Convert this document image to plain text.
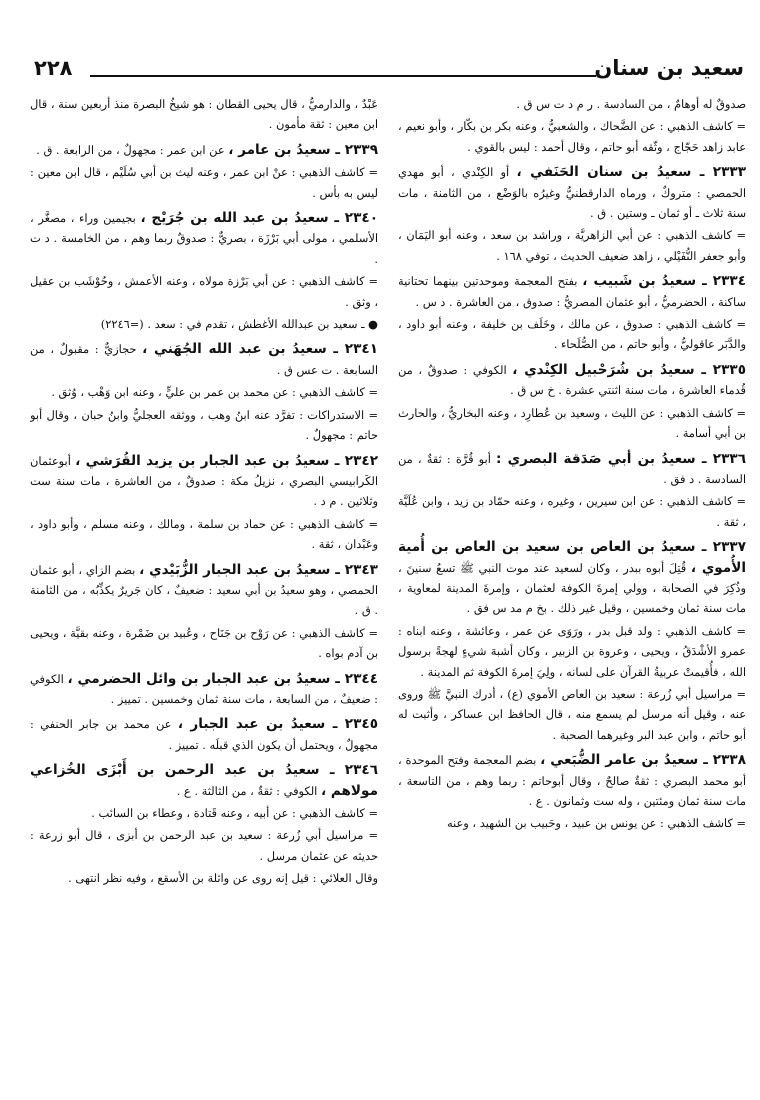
سعيد بن سنان
٢٢٨

صدوقٌ له أوهامٌ ، من السادسة . ر م د ت س ق .

= كاشف الذهبي : عن الضَّحاك ، والشعبيُّ ، وعنه بكر بن بكّار ، وأبو نعيم ، عابد زاهد حَجّاج ، وثّقه أبو حاتم ، وقال أحمد : ليس بالقوي .

٢٣٣٣ ـ سعيدُ بن سنان الحَنَفي ، أو الكِنْدي ، أبو مهدي الحمصي : متروكٌ ، ورماه الدارقطنيُّ وغيرُه بالوَضْع ، من الثامنة ، مات سنة ثلاث ـ أو ثمان ـ وستين . ق .

= كاشف الذهبي : عن أبي الزاهريَّة ، وراشد بن سعد ، وعنه أبو اليَمَان ، وأبو جعفر النُّفَيْلي ، زاهد ضعيف الحديث ، توفي ١٦٨ .

٢٣٣٤ ـ سعيدُ بن شَبيب ، بفتح المعجمة وموحدتين بينهما تحتانية ساكنة ، الحضرميُّ ، أبو عثمان المصريُّ : صدوق ، من العاشرة . د س .

= كاشف الذهبي : صدوق ، عن مالك ، وخَلَف بن خليفة ، وعنه أبو داود ، والدَّبَر عاقوليُّ ، وأبو حاتم ، من الصُّلَحاء .

٢٣٣٥ ـ سعيدُ بن شُرَحْبيل الكِنْدي ، الكوفي : صدوقٌ ، من قُدماء العاشرة ، مات سنة اثنتي عشرة . خ س ق .

= كاشف الذهبي : عن الليث ، وسعيد بن عُطارِد ، وعنه البخاريُّ ، والحارث بن أبي أسامة .

٢٣٣٦ ـ سعيدُ بن أبي صَدَقة البصري : أبو قُرَّة : ثقةٌ ، من السادسة . د فق .

= كاشف الذهبي : عن ابن سيرين ، وغيره ، وعنه حمّاد بن زيد ، وابن عُلَيَّة ، ثقة .

٢٣٣٧ ـ سعيدُ بن العاص بن سعيد بن العاص بن أُمية الأُموي ، قُتِلَ أبوه ببدر ، وكان لسعيد عند موت النبي ﷺ تسعُ سنينَ ، وذُكِرَ في الصحابة ، وولي إمرةَ الكوفة لعثمان ، وإمرةَ المدينة لمعاوية ، مات سنة ثمان وخمسين ، وقيل غير ذلك . بخ م مد س فق .

= كاشف الذهبي : ولد قبل بدر ، ورَوَى عن عمر ، وعائشة ، وعنه ابناه : عمرو الأشْدَقُ ، ويحيى ، وعروة بن الزبير ، وكان أشبهَ شيءٍ لهجةً برسول الله ، فأُقيمتْ عربيةُ القرآن على لسانه ، ولِيَ إمرةَ الكوفة ثم المدينة .

= مراسيل أبي زُرعة : سعيد بن العاص الأموي (ع) ، أدرك النبيَّ ﷺ وروى عنه ، وقيل أنه مرسل لم يسمع منه ، قال الحافظ ابن عساكر ، وأثبت له أبو حاتم ، وابن عبد البر وغيرهما الصحبة .

٢٣٣٨ ـ سعيدُ بن عامر الضُّبَعي ، بضم المعجمة وفتح الموحدة ، أبو محمد البصري : ثقةٌ صالحٌ ، وقال أبوحاتم : ربما وهم ، من التاسعة ، مات سنة ثمان ومئتين ، وله ست وثمانون . ع .

= كاشف الذهبي : عن يونس بن عبيد ، وحَبيب بن الشهيد ، وعنه

عَبْدٌ ، والدارميُّ ، قال يحيى القطان : هو شيخُ البصرة منذ أربعين سنة ، قال ابن معين : ثقة مأمون .

٢٣٣٩ ـ سعيدُ بن عامر ، عن ابن عمر : مجهولٌ ، من الرابعة . ق .

= كاشف الذهبي : عنْ ابن عمر ، وعنه ليث بن أبي سُلَيْم ، قال ابن معين : ليس به بأس .

٢٣٤٠ ـ سعيدُ بن عبد الله بن جُرَيْج ، بجيمين وراء ، مصغَّر ، الأسلمي ، مولى أبي بَرْزَة ، بصريٌّ : صدوقٌ ربما وهم ، من الخامسة . د ت .

= كاشف الذهبي : عن أبي بَرْزة مولاه ، وعنه الأعمش ، وحُوْشَب بن عقيل ، وثق .

● ـ سعيد بن عبدالله الأغطش ، تقدم في : سعد . (=٢٢٤٦)

٢٣٤١ ـ سعيدُ بن عبد الله الجُهَني ، حجازيٌّ : مقبولٌ ، من السابعة . ت عس ق .

= كاشف الذهبي : عن محمد بن عمر بن عليٍّ ، وعنه ابن وَهْب ، وُثق .

= الاستدراكات : تفرَّد عنه ابنُ وهب ، ووثقه العجليُّ وابنُ حبان ، وقال أبو حاتم : مجهولٌ .

٢٣٤٢ ـ سعيدُ بن عبد الجبار بن يزيد القُرَشي ، أبوعثمان الكَرابيسي البصري ، نزيلُ مكة : صدوقٌ ، من العاشرة ، مات سنة ست وثلاثين . م د .

= كاشف الذهبي : عن حماد بن سلمة ، ومالك ، وعنه مسلم ، وأبو داود ، وعَبْدان ، ثقة .

٢٣٤٣ ـ سعيدُ بن عبد الجبار الزُّبَيْدي ، بضم الزاي ، أبو عثمان الحمصي ، وهو سعيدُ بن أبي سعيد : ضعيفٌ ، كان جَريرٌ يكذِّبُه ، من الثامنة . ق .

= كاشف الذهبي : عن رَوْح بن جَنَاح ، وعُبيد بن ضَمْرة ، وعنه بقيَّة ، ويحيى بن آدم بواه .

٢٣٤٤ ـ سعيدُ بن عبد الجبار بن وائل الحضرمي ، الكوفي : ضعيفٌ ، من السابعة ، مات سنة ثمان وخمسين . تمييز .

٢٣٤٥ ـ سعيدُ بن عبد الجبار ، عن محمد بن جابر الحنفي : مجهولٌ ، ويحتمل أن يكون الذي قبلَه . تمييز .

٢٣٤٦ ـ سعيدُ بن عبد الرحمن بن أَبْزَى الخُزاعي مولاهم ، الكوفي : ثقةٌ ، من الثالثة . ع .

= كاشف الذهبي : عن أبيه ، وعنه قَتادة ، وعطاء بن السائب .

= مراسيل أبي زُرعة : سعيد بن عبد الرحمن بن أبزى ، قال أبو زرعة : حديثه عن عثمان مرسل .

وقال العلائي : قيل إنه روى عن واثلة بن الأسقع ، وفيه نظر انتهى .
